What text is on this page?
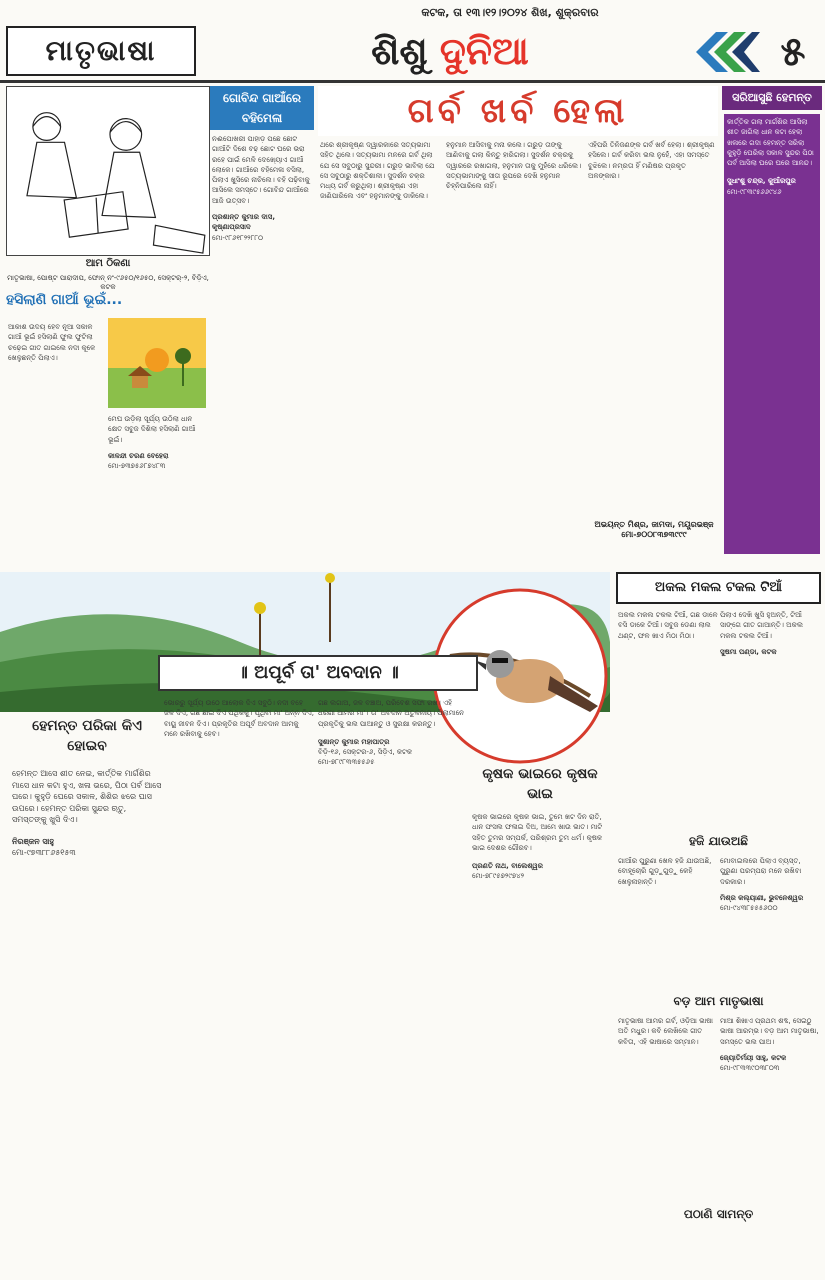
କଟକ, ତା ୧୩।୧୨।୨୦୨୪ ଶିଖ, ଶୁକ୍ରବାର
ମାତୃଭାଷା	ଶିଶୁ ଦୁନିଆ	୫
ଆମ ଠିକଣା
ମାତୃଭାଷା, ପୋଷ୍ଟ ପାରାଦୀପ, ଫୋନ୍ ନଂ-୯୬୫୦/୧୬୫୦, ସେକ୍ଟର୍-୨, ବିଡ଼ିଏ, କଟକ
ଗୋବିନ୍ଦ ଗାଆଁରେ ବହିମେଳା
ନଈପୋଖରୀ ପାହାଡ଼ ପଛେ ଛୋଟ ଗାଆଁଟି ଦିଶେ ବଢ଼ ଛୋଟ ଘରେ ଭରା ରହେ ପାଇଁ ମେଳି ଦେଖ୍ୟୋଏ ଗାଆଁ ଲୋକେ। ଗାଆଁରେ ବହିମେଳା ବସିଲା, ପିଲାଏ ଖୁସିରେ ନାଚିଲେ। ବହି ପଢ଼ିବାକୁ ଆସିଲେ ସମସ୍ତେ। ଗୋବିନ୍ଦ ଗାଆଁରେ ଆଜି ଉତ୍ସବ।
ପ୍ରଶାନ୍ତ କୁମାର ଦାସ, କୃଷ୍ଣାପ୍ରସାଦ
ମୋ-୯୮୬୧୮୨୨୮୮୦
ଗର୍ବ ଖର୍ବ ହେଲା
ଥରେ ଶ୍ରୀକୃଷ୍ଣ ଦ୍ୱାରକାରେ ସତ୍ୟଭାମା ସହିତ ଥିଲେ। ସତ୍ୟଭାମା ମନରେ ଗର୍ବ ଥିଲା ଯେ ସେ ସବୁଠାରୁ ସୁନ୍ଦରୀ। ଗରୁଡ଼ ଭାବିଲା ଯେ ସେ ସବୁଠାରୁ ଶକ୍ତିଶାଳୀ। ସୁଦର୍ଶନ ଚକ୍ର ମଧ୍ୟ ଗର୍ବ କରୁଥିଲା। ଶ୍ରୀକୃଷ୍ଣ ଏହା ଜାଣିପାରିଲେ ଏବଂ ହନୁମାନଙ୍କୁ ଡାକିଲେ।
ହନୁମାନ ଆସିବାକୁ ମନା କଲେ। ଗରୁଡ଼ ତାଙ୍କୁ ଆଣିବାକୁ ଗଲା କିନ୍ତୁ ହାରିଗଲା। ସୁଦର୍ଶନ ଚକ୍ରକୁ ଦ୍ୱାରରେ ରଖାଗଲା, ହନୁମାନ ତାକୁ ମୁହଁରେ ଧରିଲେ। ସତ୍ୟଭାମାଙ୍କୁ ସୀତା ରୂପରେ ଦେଖି ହନୁମାନ ଚିହ୍ନିପାରିଲେ ନାହିଁ।
ଏହିପରି ତିନିଜଣଙ୍କ ଗର୍ବ ଖର୍ବ ହେଲା। ଶ୍ରୀକୃଷ୍ଣ ହସିଲେ। ଗର୍ବ କରିବା ଭଲ ନୁହେଁ, ଏହା ସମସ୍ତେ ବୁଝିଲେ। ନମ୍ରତା ହିଁ ମଣିଷର ପ୍ରକୃତ ଅଳଙ୍କାର।
ଅଭୟନ୍ତ ମିଶ୍ର, ଜାମଦା, ମୟୂରଭଞ୍ଜ
ମୋ-୭୦୦୮୩୭୩୯୯୯
ସରିଆସୁଛି ହେମନ୍ତ
କାର୍ତ୍ତିକ ଗଲା ମାର୍ଗଶିର ଆସିଲା ଶୀତ ଜାଗିଲା ଧାନ କଟା ହେଲା ଖଳାରେ ଗଦା ହେମନ୍ତ ସରିଲା କୁହୁଡ଼ି ଘେରିଲା ସକାଳ ସୁନ୍ଦର ପିଠା ପର୍ବ ଆସିଲା ଘରେ ଘରେ ଆନନ୍ଦ।
ସୁଧାଂଶୁ ଚନ୍ଦ୍ର, କୁଆଁରପୁର
ମୋ-୯୮୩୯୫୬୬୯୪୬
ହସିଲାଣି ଗାଆଁ ଭୂଇଁ...
ଆକାଶ ଉଦୟ ହେବ ନୂଆ ସକାଳ ଗାଆଁ ଭୂଇଁ ହସିଲାଣି ଫୁଲ ଫୁଟିଲା ଚଢ଼େଇ ଗୀତ ଗାଇଲେ ନଦୀ କୂଳେ ଖେଳୁଛନ୍ତି ପିଲାଏ।
ମେଘ ଉଡ଼ିଲା ସୂର୍ଯ୍ୟ ଉଠିଲା ଧାନ କ୍ଷେତ ସବୁଜ ଦିଶିଲା ହସିଲାଣି ଗାଆଁ ଭୂଇଁ।
କାଳନ୍ଦୀ ଚରଣ ବେହେରା
ମୋ-୭୩୭୫୬୮୭୪୮୩
॥ ଅପୂର୍ବ ତା' ଅବଦାନ ॥
ହେମନ୍ତ ପରିକା କିଏ ହୋଇବ
ହେମନ୍ତ ଆସେ ଶୀତ ନେଇ, କାର୍ତ୍ତିକ ମାର୍ଗଶିର ମାସେ ଧାନ କଟା ହୁଏ, ଖଳା ଭରେ, ପିଠା ପର୍ବ ଆସେ ଘରେ। କୁହୁଡ଼ି ଘେରେ ସକାଳ, ଶିଶିର ଝରେ ଘାସ ଉପରେ। ହେମନ୍ତ ପରିକା ସୁନ୍ଦର ଋତୁ, ସମସ୍ତଙ୍କୁ ଖୁସି ଦିଏ।
ନିରଞ୍ଜନ ସାହୁ
ମୋ-୯୭୩୮୮୬୫୧୫୩
ଭୋରରୁ ସୂର୍ଯ୍ୟ ଉଠେ ଆଲୋକ ଦିଏ ସବୁଠି। ନଦୀ ବହେ ଜଳ ଦିଏ, ଗଛ ଛାଇ ଦିଏ ପଥିକକୁ। ପୃଥିବୀ ମା' ଅନ୍ନ ଦିଏ, ବାୟୁ ଜୀବନ ଦିଏ। ପ୍ରକୃତିର ଅପୂର୍ବ ଅବଦାନ ଆମକୁ ମନେ ରଖିବାକୁ ହେବ।
ଗଛ ଲଗାଅ, ଜଳ ବଞ୍ଚାଅ, ପରିବେଶ ସଫା ରଖ। ଏହି ଧରଣୀ ଆମର ମା'। ତା' ଅବଦାନ ଅତୁଳନୀୟ। ପିଲାମାନେ ପ୍ରକୃତିକୁ ଭଲ ପାଆନ୍ତୁ ଓ ସୁରକ୍ଷା କରନ୍ତୁ।
ସୁଶାନ୍ତ କୁମାର ମହାପାତ୍ର
ବିଡ଼ି-୧୬, ସେକ୍ଟର-୬, ସିଡ଼ିଏ, କଟକ
ମୋ-୭୮୯୮୩୩୫୫୬୫
କୃଷକ ଭାଇରେ କୃଷକ ଭାଇ
କୃଷକ ଭାଇରେ କୃଷକ ଭାଇ, ତୁମେ ଖଟ ଦିନ ରାତି, ଧାନ ଫସଲ ଫଳାଇ ଦିଅ, ଆମେ ଖାଉ ଭାତ। ମାଟି ସହିତ ତୁମର ସମ୍ପର୍କ, ପରିଶ୍ରମ ତୁମ ଧର୍ମ। କୃଷକ ଭାଇ ଦେଶର ଗୌରବ।
ପ୍ରଣତି ନାଥ, ବାଲେଶ୍ୱର
ମୋ-୭୮୯୫୭୨୯୭୪୨
ଅକଲ ମକଲ ଟକଲ ଟିଆଁ
ଅକଲ ମକଲ ଟକଲ ଟିଆଁ, ଗଛ ଡାଳେ ବସି ଡାକେ ଟିଆଁ। ସବୁଜ ଡେଣା ଲାଲ ଥଣ୍ଟ, ଫଳ ଖାଏ ମିଠା ମିଠା।
ପିଲାଏ ଦେଖି ଖୁସି ହୁଅନ୍ତି, ଟିଆଁ ସାଙ୍ଗେ ଗୀତ ଗାଆନ୍ତି। ଅକଲ ମକଲ ଟକଲ ଟିଆଁ।
ସୁଷମା ପଣ୍ଡା, କଟକ
ହଜି ଯାଉଅଛି
ଗାଆଁର ପୁରୁଣା ଖେଳ ହଜି ଯାଉଅଛି, ବୋହୂଚୋରି ଗୁଡ଼ୁଗୁଡ଼ୁ କେହି ଖେଳୁନାହାନ୍ତି।
ମୋବାଇଲରେ ପିଲାଏ ବ୍ୟସ୍ତ, ପୁରୁଣା ପରମ୍ପରା ମନେ ରଖିବା ଦରକାର।
ମିଶ୍ର କଲ୍ୟାଣୀ, ଭୁବନେଶ୍ୱର
ମୋ-୯୪୩୮୫୫୫୬୦୦
ବଡ଼ ଆମ ମାତୃଭାଷା
ମାତୃଭାଷା ଆମର ଗର୍ବ, ଓଡ଼ିଆ ଭାଷା ଅତି ମଧୁର। କବି ଲେଖିଲେ ଗୀତ କବିତା, ଏହି ଭାଷାରେ ସମ୍ମାନ।
ମାଆ ଶିଖାଏ ପ୍ରଥମ ଶବ୍ଦ, ସେଇଠୁ ଭାଷା ଆରମ୍ଭ। ବଡ଼ ଆମ ମାତୃଭାଷା, ସମସ୍ତେ ଭଲ ପାଅ।
ଜ୍ୟୋତିର୍ମୟୀ ସାହୁ, କଟକ
ମୋ-୯୮୩୩୯୦୩୮୦୩
ପଠାଣି ସାମନ୍ତ
